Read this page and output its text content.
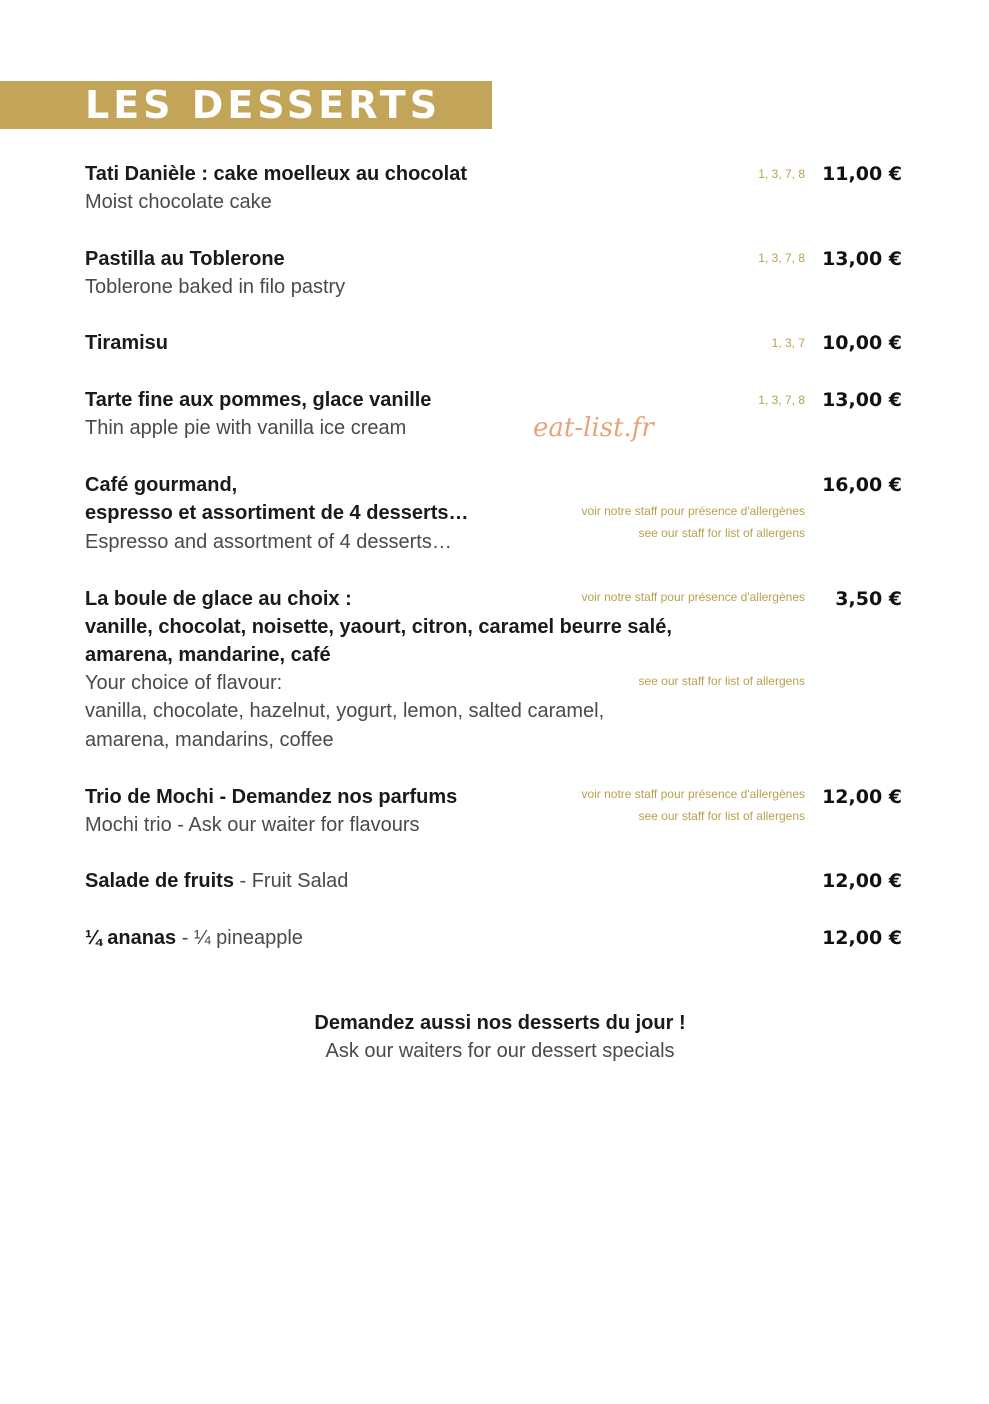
LES DESSERTS
eat-list.fr
Tati Danièle : cake moelleux au chocolat
Moist chocolate cake
1, 3, 7, 8 11,00 €
Pastilla au Toblerone
Toblerone baked in filo pastry
1, 3, 7, 8 13,00 €
Tiramisu	1, 3, 7 10,00 €
Tarte fine aux pommes, glace vanille
Thin apple pie with vanilla ice cream
1, 3, 7, 8 13,00 €
Café gourmand,
espresso et assortiment de 4 desserts…
Espresso and assortment of 4 desserts…
voir notre staff pour présence d'allergènes
see our staff for list of allergens
16,00 €
La boule de glace au choix :
vanille, chocolat, noisette, yaourt, citron, caramel beurre salé,
amarena, mandarine, café
Your choice of flavour:
vanilla, chocolate, hazelnut, yogurt, lemon, salted caramel,
amarena, mandarins, coffee
voir notre staff pour présence d'allergènes
see our staff for list of allergens
3,50 €
Trio de Mochi - Demandez nos parfums
Mochi trio - Ask our waiter for flavours
voir notre staff pour présence d'allergènes
see our staff for list of allergens
12,00 €
Salade de fruits - Fruit Salad	12,00 €
¼ ananas - ¼ pineapple	12,00 €
Demandez aussi nos desserts du jour !
Ask our waiters for our dessert specials
